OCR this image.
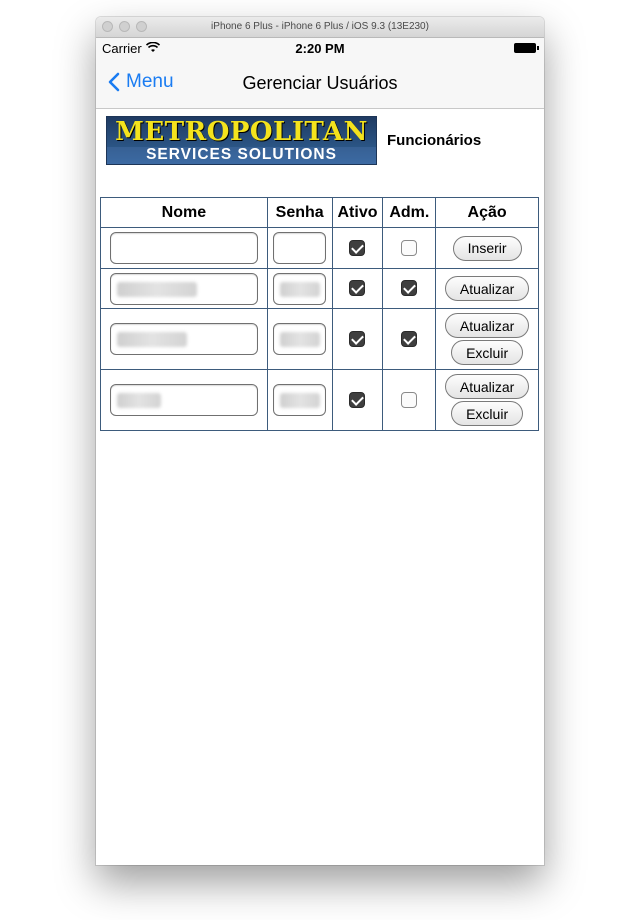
iPhone 6 Plus - iPhone 6 Plus / iOS 9.3 (13E230)
Carrier	2:20 PM
Menu	Gerenciar Usuários
METROPOLITAN
SERVICES SOLUTIONS
Funcionários
Nome	Senha	Ativo	Adm.	Ação

				Inserir

				Atualizar

				Atualizar
Excluir

				Atualizar
Excluir
